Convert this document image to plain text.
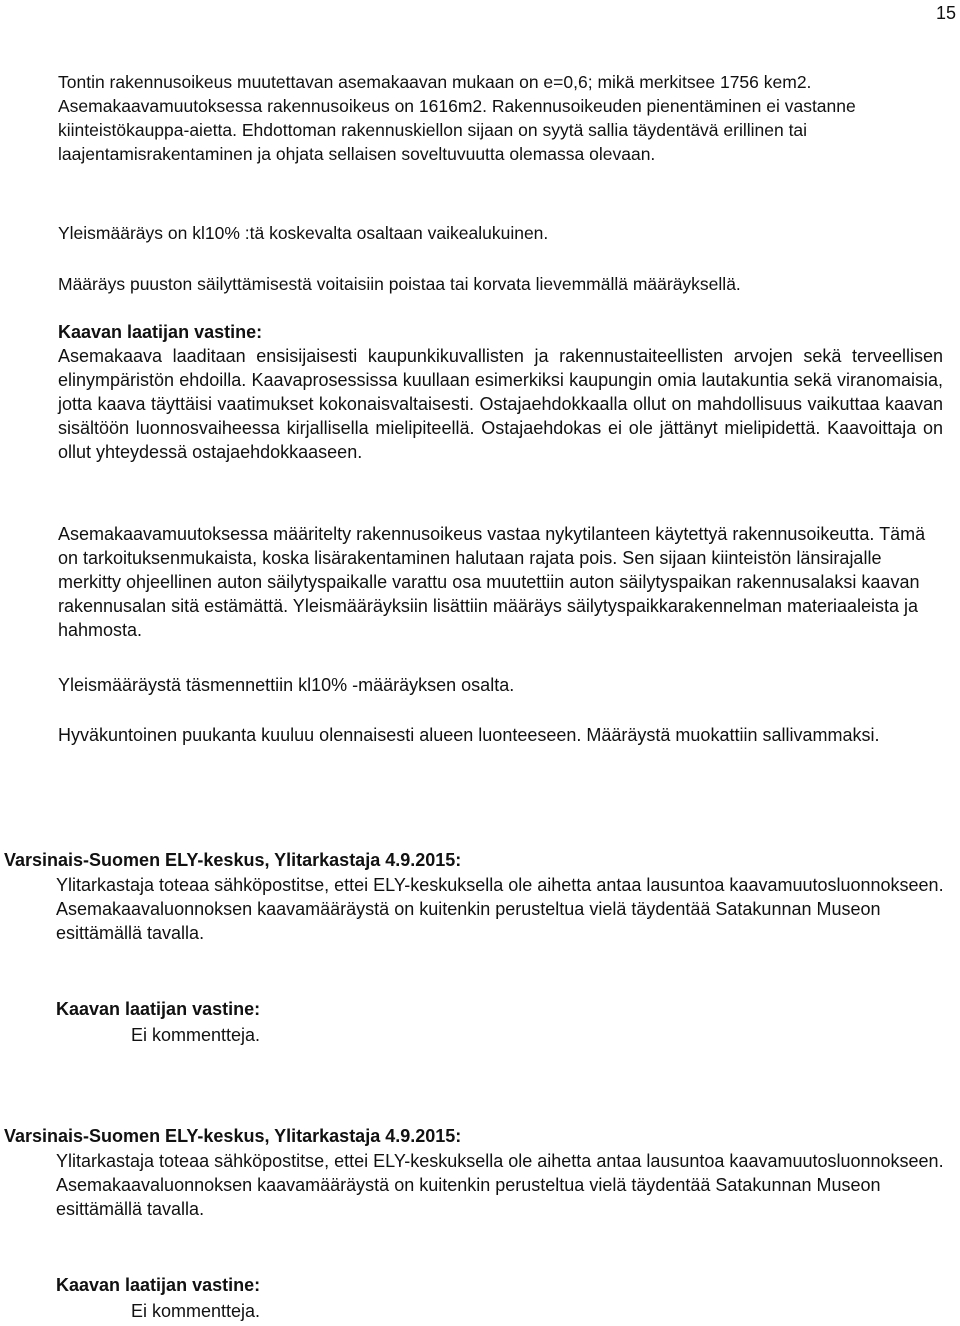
15

Tontin rakennusoikeus muutettavan asemakaavan mukaan on e=0,6; mikä merkitsee 1756 kem2. Asemakaavamuutoksessa rakennusoikeus on 1616m2. Rakennusoikeuden pienentäminen ei vastanne kiinteistökauppa-aietta. Ehdottoman rakennuskiellon sijaan on syytä sallia täydentävä erillinen tai laajentamisrakentaminen ja ohjata sellaisen soveltuvuutta olemassa olevaan.

Yleismääräys on kl10% :tä koskevalta osaltaan vaikealukuinen.

Määräys puuston säilyttämisestä voitaisiin poistaa tai korvata lievemmällä määräyksellä.

Kaavan laatijan vastine:

Asemakaava laaditaan ensisijaisesti kaupunkikuvallisten ja rakennustaiteellisten arvojen sekä terveellisen elinympäristön ehdoilla. Kaavaprosessissa kuullaan esimerkiksi kaupungin omia lautakuntia sekä viranomaisia, jotta kaava täyttäisi vaatimukset kokonaisvaltaisesti. Ostajaehdokkaalla ollut on mahdollisuus vaikuttaa kaavan sisältöön luonnosvaiheessa kirjallisella mielipiteellä. Ostajaehdokas ei ole jättänyt mielipidettä. Kaavoittaja on ollut yhteydessä ostajaehdokkaaseen.

Asemakaavamuutoksessa määritelty rakennusoikeus vastaa nykytilanteen käytettyä rakennusoikeutta. Tämä on tarkoituksenmukaista, koska lisärakentaminen halutaan rajata pois. Sen sijaan kiinteistön länsirajalle merkitty ohjeellinen auton säilytyspaikalle varattu osa muutettiin auton säilytyspaikan rakennusalaksi kaavan rakennusalan sitä estämättä. Yleismääräyksiin lisättiin määräys säilytyspaikkarakennelman materiaaleista ja hahmosta.

Yleismääräystä täsmennettiin kl10% -määräyksen osalta.

Hyväkuntoinen puukanta kuuluu olennaisesti alueen luonteeseen. Määräystä muokattiin sallivammaksi.

Varsinais-Suomen ELY-keskus, Ylitarkastaja 4.9.2015:

Ylitarkastaja toteaa sähköpostitse, ettei ELY-keskuksella ole aihetta antaa lausuntoa kaavamuutosluonnokseen. Asemakaavaluonnoksen kaavamääräystä on kuitenkin perusteltua vielä täydentää Satakunnan Museon esittämällä tavalla.

Kaavan laatijan vastine:
Ei kommentteja.
Varsinais-Suomen ELY-keskus, Ylitarkastaja 4.9.2015:

Ylitarkastaja toteaa sähköpostitse, ettei ELY-keskuksella ole aihetta antaa lausuntoa kaavamuutosluonnokseen. Asemakaavaluonnoksen kaavamääräystä on kuitenkin perusteltua vielä täydentää Satakunnan Museon esittämällä tavalla.

Kaavan laatijan vastine:
Ei kommentteja.
